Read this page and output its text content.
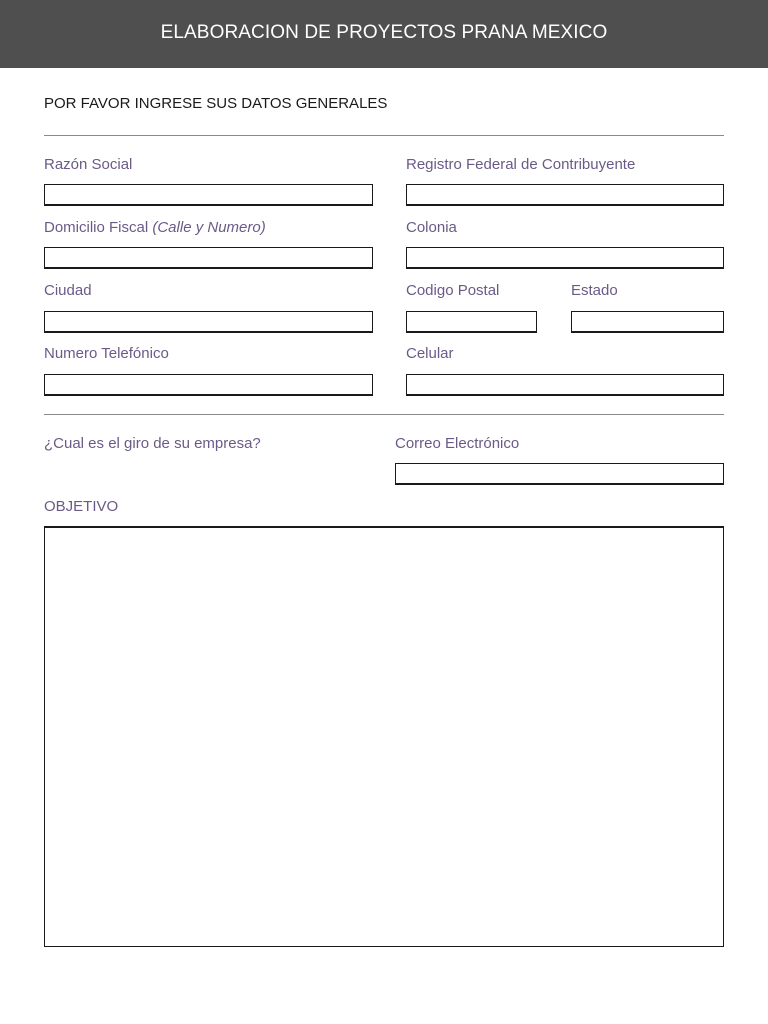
ELABORACION DE PROYECTOS PRANA MEXICO
POR FAVOR INGRESE SUS DATOS GENERALES
Razón Social	Registro Federal de Contribuyente
Domicilio Fiscal (Calle y Numero)	Colonia
Ciudad	Codigo Postal	Estado
Numero Telefónico	Celular
¿Cual es el giro de su empresa?	Correo Electrónico
OBJETIVO
